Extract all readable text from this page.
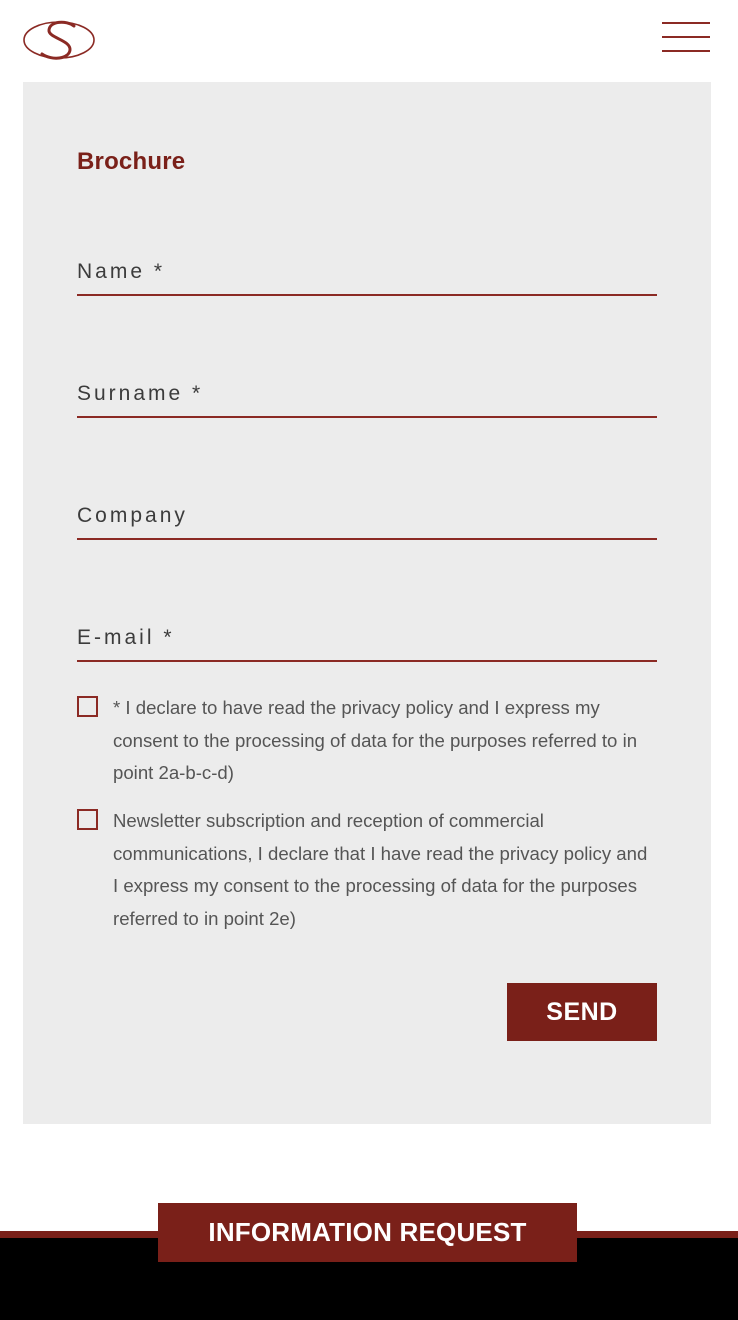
Brochure
Name *
Surname *
Company
E-mail *
* I declare to have read the privacy policy and I express my consent to the processing of data for the purposes referred to in point 2a-b-c-d)
Newsletter subscription and reception of commercial communications, I declare that I have read the privacy policy and I express my consent to the processing of data for the purposes referred to in point 2e)
SEND
INFORMATION REQUEST
